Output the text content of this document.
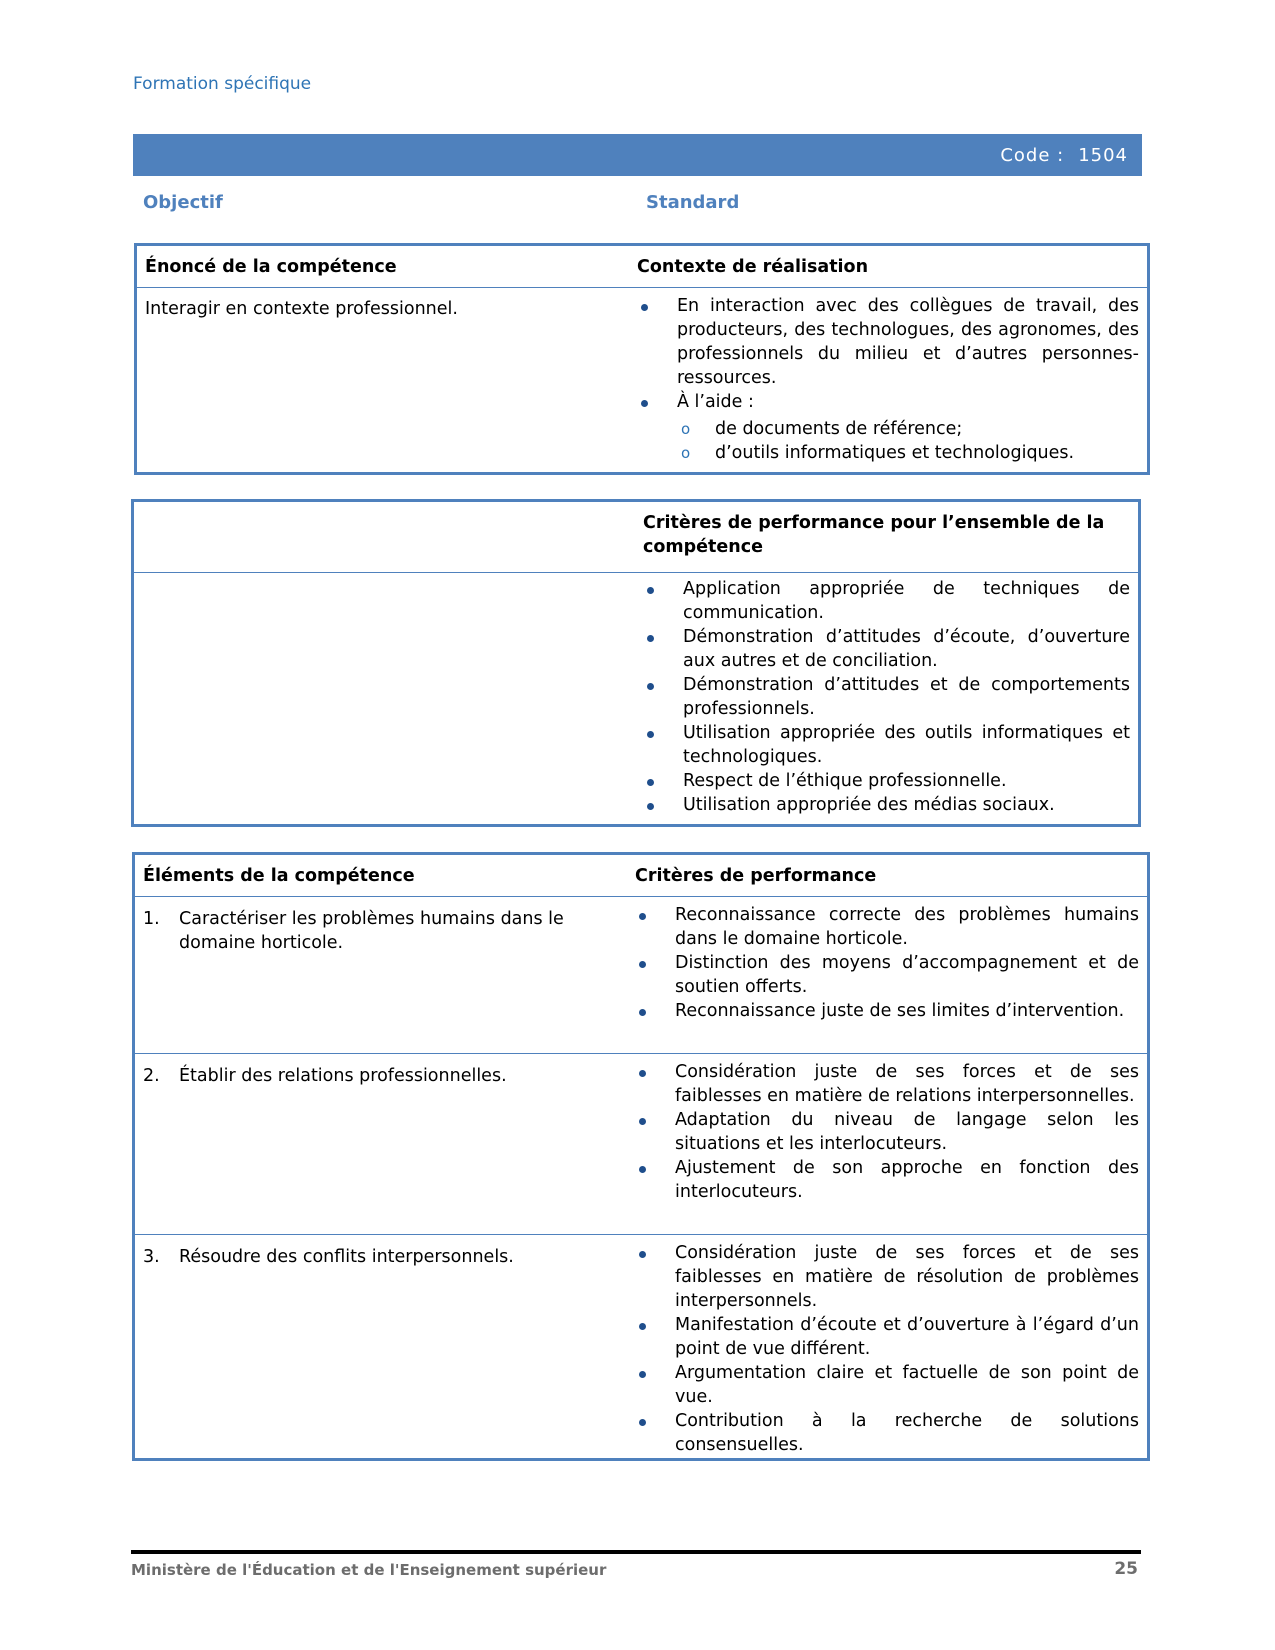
Formation spécifique
Code : 1504
Objectif	Standard
Énoncé de la compétence	Contexte de réalisation
Interagir en contexte professionnel.	En interaction avec des collègues de travail, des producteurs, des technologues, des agronomes, des professionnels du milieu et d’autres personnes-ressources.
À l’aide :
o de documents de référence;
o d’outils informatiques et technologiques.
Critères de performance pour l’ensemble de la compétence
Application appropriée de techniques de communication.
Démonstration d’attitudes d’écoute, d’ouverture aux autres et de conciliation.
Démonstration d’attitudes et de comportements professionnels.
Utilisation appropriée des outils informatiques et technologiques.
Respect de l’éthique professionnelle.
Utilisation appropriée des médias sociaux.
Éléments de la compétence	Critères de performance
1.	Caractériser les problèmes humains dans le domaine horticole.
Reconnaissance correcte des problèmes humains dans le domaine horticole.
Distinction des moyens d’accompagnement et de soutien offerts.
Reconnaissance juste de ses limites d’intervention.
2.	Établir des relations professionnelles.	Considération juste de ses forces et de ses faiblesses en matière de relations interpersonnelles.
Adaptation du niveau de langage selon les situations et les interlocuteurs.
Ajustement de son approche en fonction des interlocuteurs.
3.	Résoudre des conflits interpersonnels.	Considération juste de ses forces et de ses faiblesses en matière de résolution de problèmes interpersonnels.
Manifestation d’écoute et d’ouverture à l’égard d’un point de vue différent.
Argumentation claire et factuelle de son point de vue.
Contribution à la recherche de solutions consensuelles.
Ministère de l'Éducation et de l'Enseignement supérieur	25
